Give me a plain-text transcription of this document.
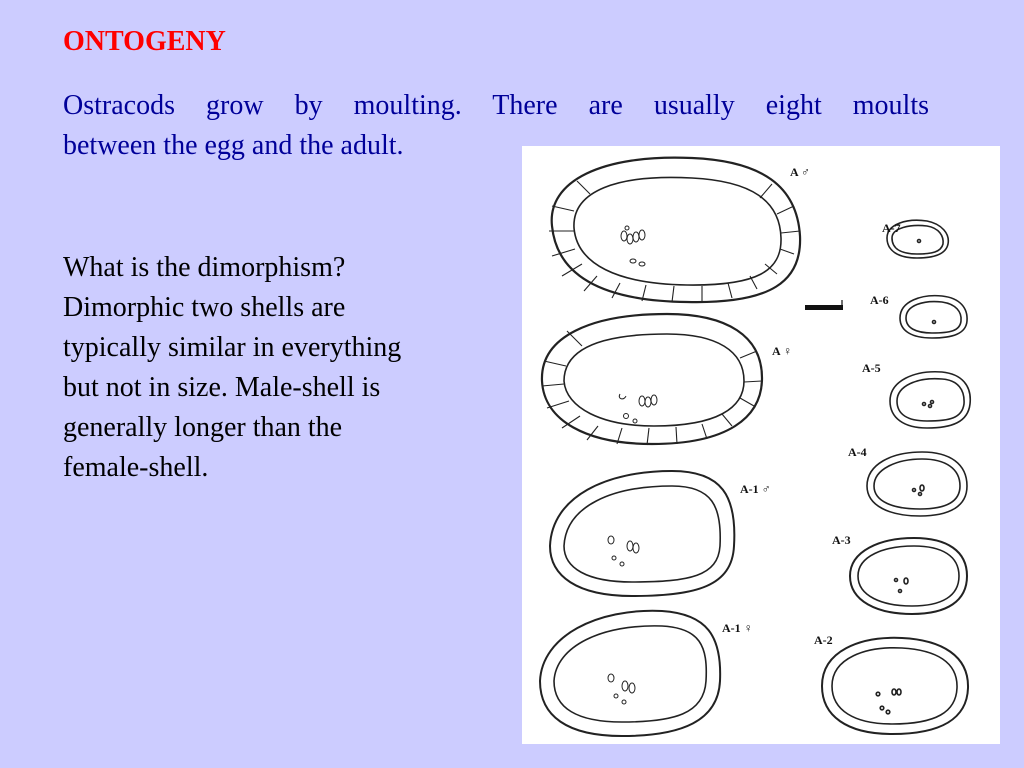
ONTOGENY
Ostracods grow by moulting. There are usually eight moults
between the egg and the adult.
What is the dimorphism?
Dimorphic two shells are
typically similar in everything
but not in size. Male-shell is
generally longer than the
female-shell.
A ♂
A ♀
A-1 ♂
A-1 ♀
A-7
A-6
A-5
A-4
A-3
A-2
